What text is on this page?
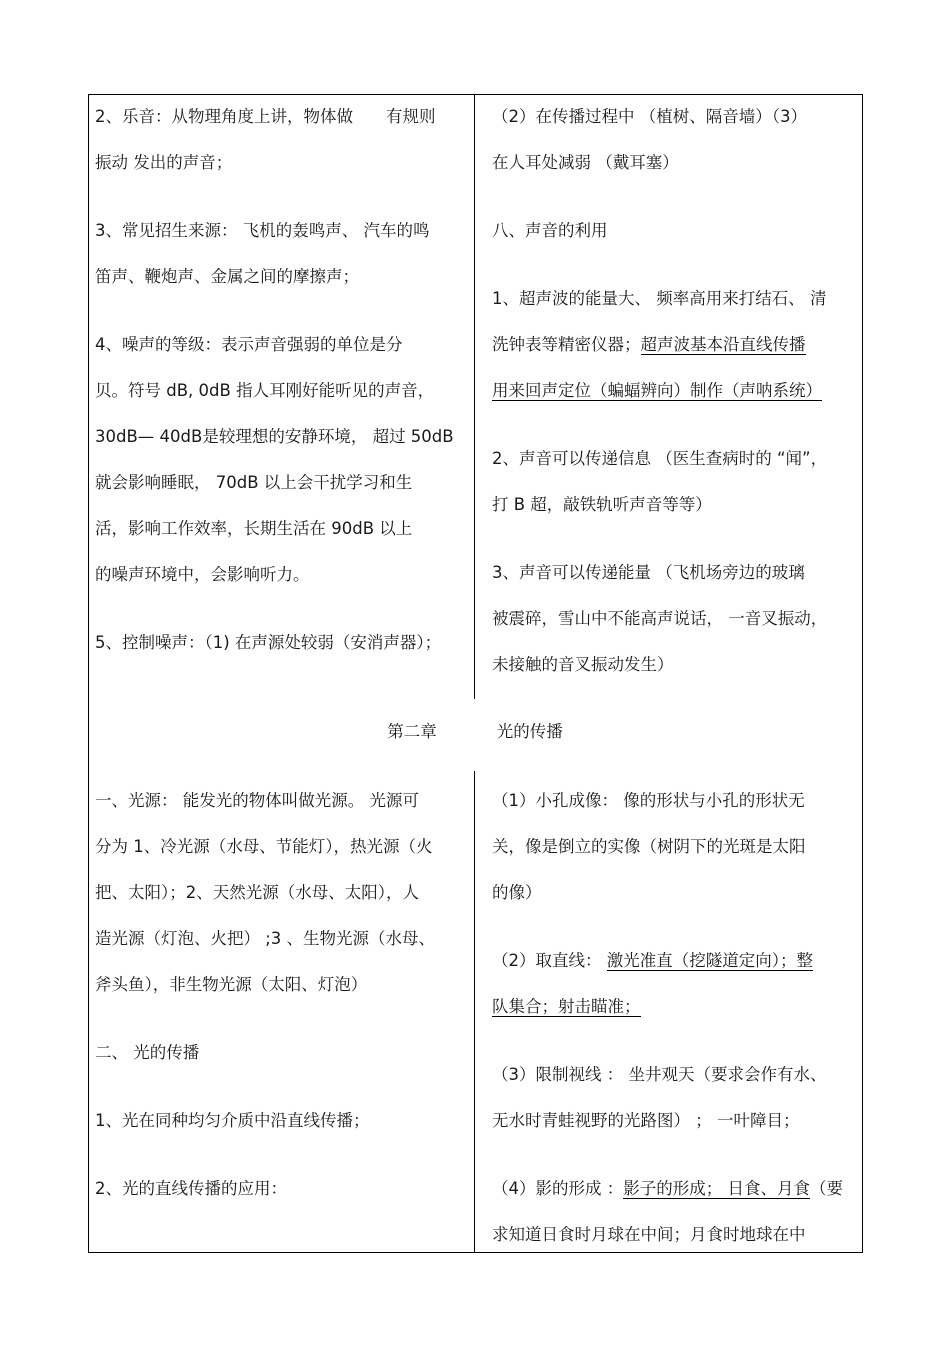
2、乐音：从物理角度上讲，物体做　　有规则

振动 发出的声音；

3、常见招生来源： 飞机的轰鸣声、 汽车的鸣

笛声、鞭炮声、金属之间的摩擦声；

4、噪声的等级：表示声音强弱的单位是分

贝。符号 dB, 0dB 指人耳刚好能听见的声音，

30dB— 40dB是较理想的安静环境， 超过 50dB

就会影响睡眠， 70dB 以上会干扰学习和生

活，影响工作效率，长期生活在 90dB 以上

的噪声环境中，会影响听力。

5、控制噪声：（1) 在声源处较弱（安消声器）；

（2）在传播过程中 （植树、隔音墙）（3）

在人耳处减弱 （戴耳塞）

八、声音的利用

1、超声波的能量大、 频率高用来打结石、 清

洗钟表等精密仪器；超声波基本沿直线传播

用来回声定位（蝙蝠辨向）制作（声呐系统）

2、声音可以传递信息 （医生查病时的 “闻”，

打 B 超，敲铁轨听声音等等）

3、声音可以传递能量 （飞机场旁边的玻璃

被震碎，雪山中不能高声说话， 一音叉振动，

未接触的音叉振动发生）

第二章	光的传播

一、光源： 能发光的物体叫做光源。 光源可

分为 1、冷光源（水母、节能灯），热光源（火

把、太阳）；2、天然光源（水母、太阳），人

造光源（灯泡、火把） ;3 、生物光源（水母、

斧头鱼），非生物光源（太阳、灯泡）

二、 光的传播

1、光在同种均匀介质中沿直线传播；

2、光的直线传播的应用：

（1）小孔成像： 像的形状与小孔的形状无

关，像是倒立的实像（树阴下的光斑是太阳

的像）

（2）取直线： 激光准直（挖隧道定向）；整

队集合；射击瞄准；

（3）限制视线 ： 坐井观天（要求会作有水、

无水时青蛙视野的光路图） ； 一叶障目；

（4）影的形成 ：影子的形成； 日食、月食（要

求知道日食时月球在中间；月食时地球在中
